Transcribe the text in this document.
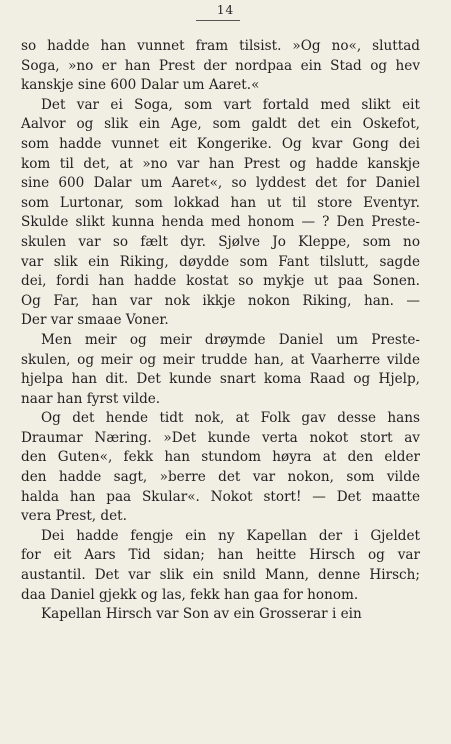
14
so hadde han vunnet fram tilsist. »Og no«, sluttad
Soga, »no er han Prest der nordpaa ein Stad og hev
kanskje sine 600 Dalar um Aaret.«
Det var ei Soga, som vart fortald med slikt eit
Aalvor og slik ein Age, som galdt det ein Oskefot,
som hadde vunnet eit Kongerike. Og kvar Gong dei
kom til det, at »no var han Prest og hadde kanskje
sine 600 Dalar um Aaret«, so lyddest det for Daniel
som Lurtonar, som lokkad han ut til store Eventyr.
Skulde slikt kunna henda med honom — ? Den Preste-
skulen var so fælt dyr. Sjølve Jo Kleppe, som no
var slik ein Riking, døydde som Fant tilslutt, sagde
dei, fordi han hadde kostat so mykje ut paa Sonen.
Og Far, han var nok ikkje nokon Riking, han. —
Der var smaae Voner.
Men meir og meir drøymde Daniel um Preste-
skulen, og meir og meir trudde han, at Vaarherre vilde
hjelpa han dit. Det kunde snart koma Raad og Hjelp,
naar han fyrst vilde.
Og det hende tidt nok, at Folk gav desse hans
Draumar Næring. »Det kunde verta nokot stort av
den Guten«, fekk han stundom høyra at den elder
den hadde sagt, »berre det var nokon, som vilde
halda han paa Skular«. Nokot stort! — Det maatte
vera Prest, det.
Dei hadde fengje ein ny Kapellan der i Gjeldet
for eit Aars Tid sidan; han heitte Hirsch og var
austantil. Det var slik ein snild Mann, denne Hirsch;
daa Daniel gjekk og las, fekk han gaa for honom.
Kapellan Hirsch var Son av ein Grosserar i ein
